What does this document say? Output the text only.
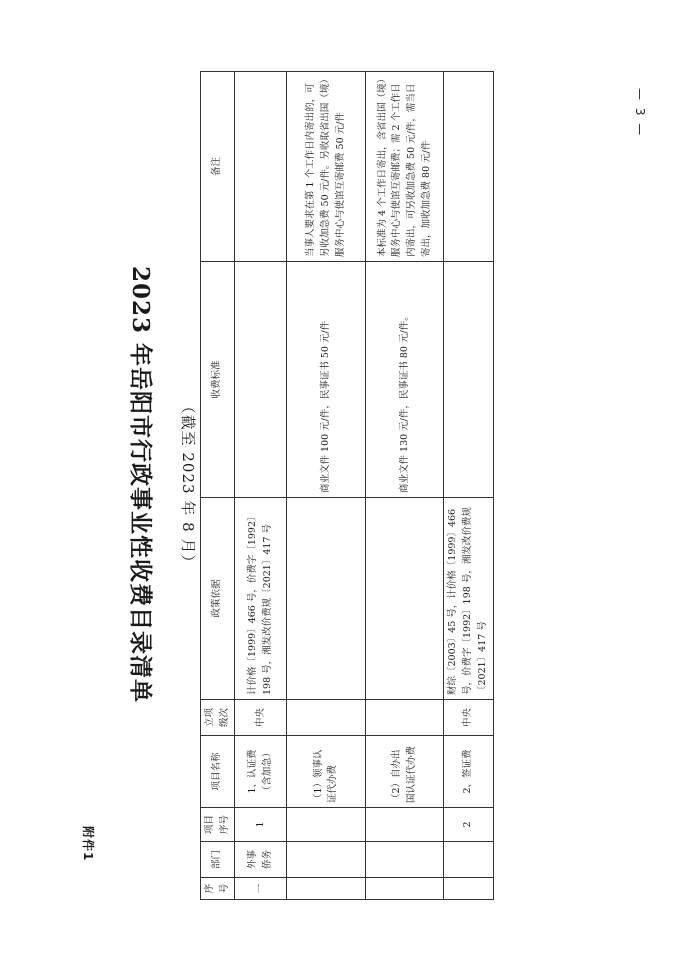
附件1
2023 年岳阳市行政事业性收费目录清单	（截至 2023 年 8 月）
— 3 —
序号	部门	项目序号	项目名称	立项级次	政策依据	收费标准	备注
一	外事侨务	1	1、认证费（含加急）	中央	计价格〔1999〕466 号，价费字〔1992〕198 号，湘发改价费规〔2021〕417 号		
			（1）领事认证代办费			商业文件 100 元/件，民事证书 50 元/件	当事人要求在第 1 个工作日内寄出的，可另收加急费 50 元/件。另收取省出国（境）服务中心与使馆互寄邮费 50 元/件
			（2）自办出国认证代办费			商业文件 130 元/件，民事证书 80 元/件。	本标准为 4 个工作日寄出，含省出国（境）服务中心与使馆互寄邮费；需 2 个工作日内寄出，可另收加急费 50 元/件，需当日寄出，加收加急费 80 元/件
		2	2、签证费	中央	财综〔2003〕45 号，计价格〔1999〕466 号，价费字〔1992〕198 号，湘发改价费规〔2021〕417 号		
